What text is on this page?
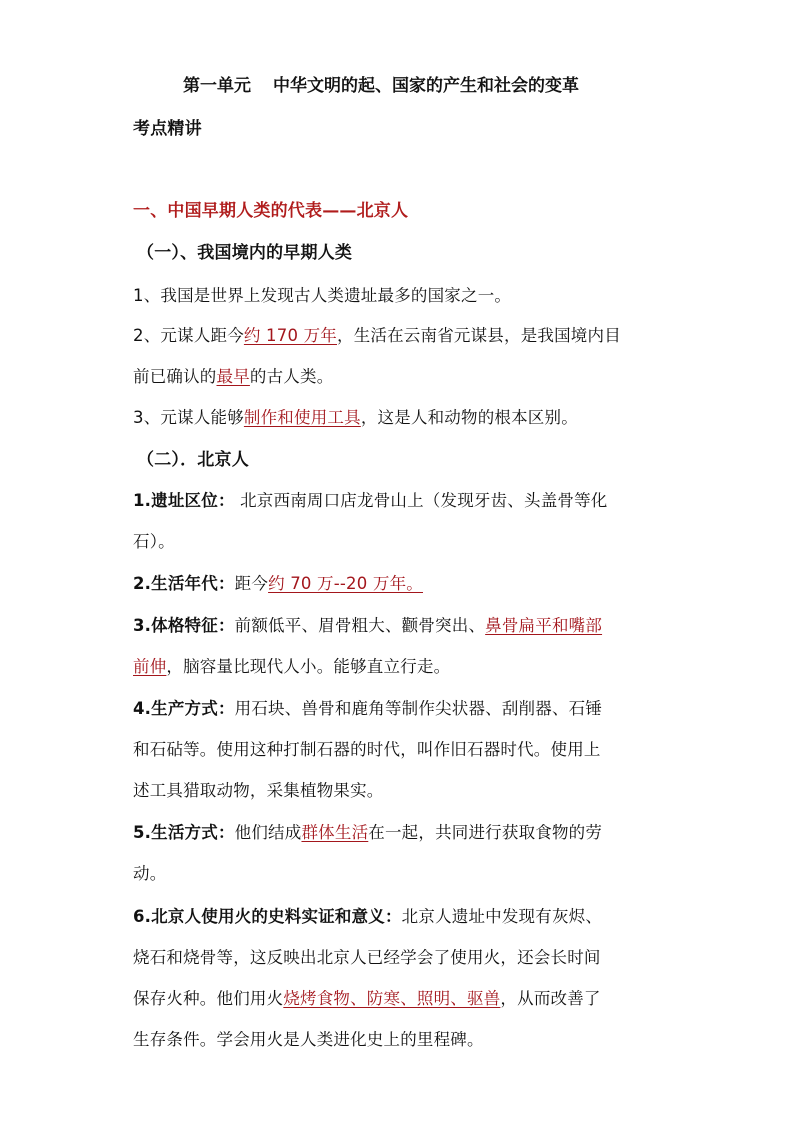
第一单元 中华文明的起、国家的产生和社会的变革
考点精讲
一、中国早期人类的代表——北京人
（一）、我国境内的早期人类
1、我国是世界上发现古人类遗址最多的国家之一。
2、元谋人距今约 170 万年，生活在云南省元谋县，是我国境内目
前已确认的最早的古人类。
3、元谋人能够制作和使用工具，这是人和动物的根本区别。
（二）．北京人
1.遗址区位： 北京西南周口店龙骨山上（发现牙齿、头盖骨等化
石）。
2.生活年代：距今约 70 万--20 万年。
3.体格特征：前额低平、眉骨粗大、颧骨突出、鼻骨扁平和嘴部
前伸，脑容量比现代人小。能够直立行走。
4.生产方式：用石块、兽骨和鹿角等制作尖状器、刮削器、石锤
和石砧等。使用这种打制石器的时代，叫作旧石器时代。使用上
述工具猎取动物，采集植物果实。
5.生活方式：他们结成群体生活在一起，共同进行获取食物的劳
动。
6.北京人使用火的史料实证和意义：北京人遗址中发现有灰烬、
烧石和烧骨等，这反映出北京人已经学会了使用火，还会长时间
保存火种。他们用火烧烤食物、防寒、照明、驱兽，从而改善了
生存条件。学会用火是人类进化史上的里程碑。
